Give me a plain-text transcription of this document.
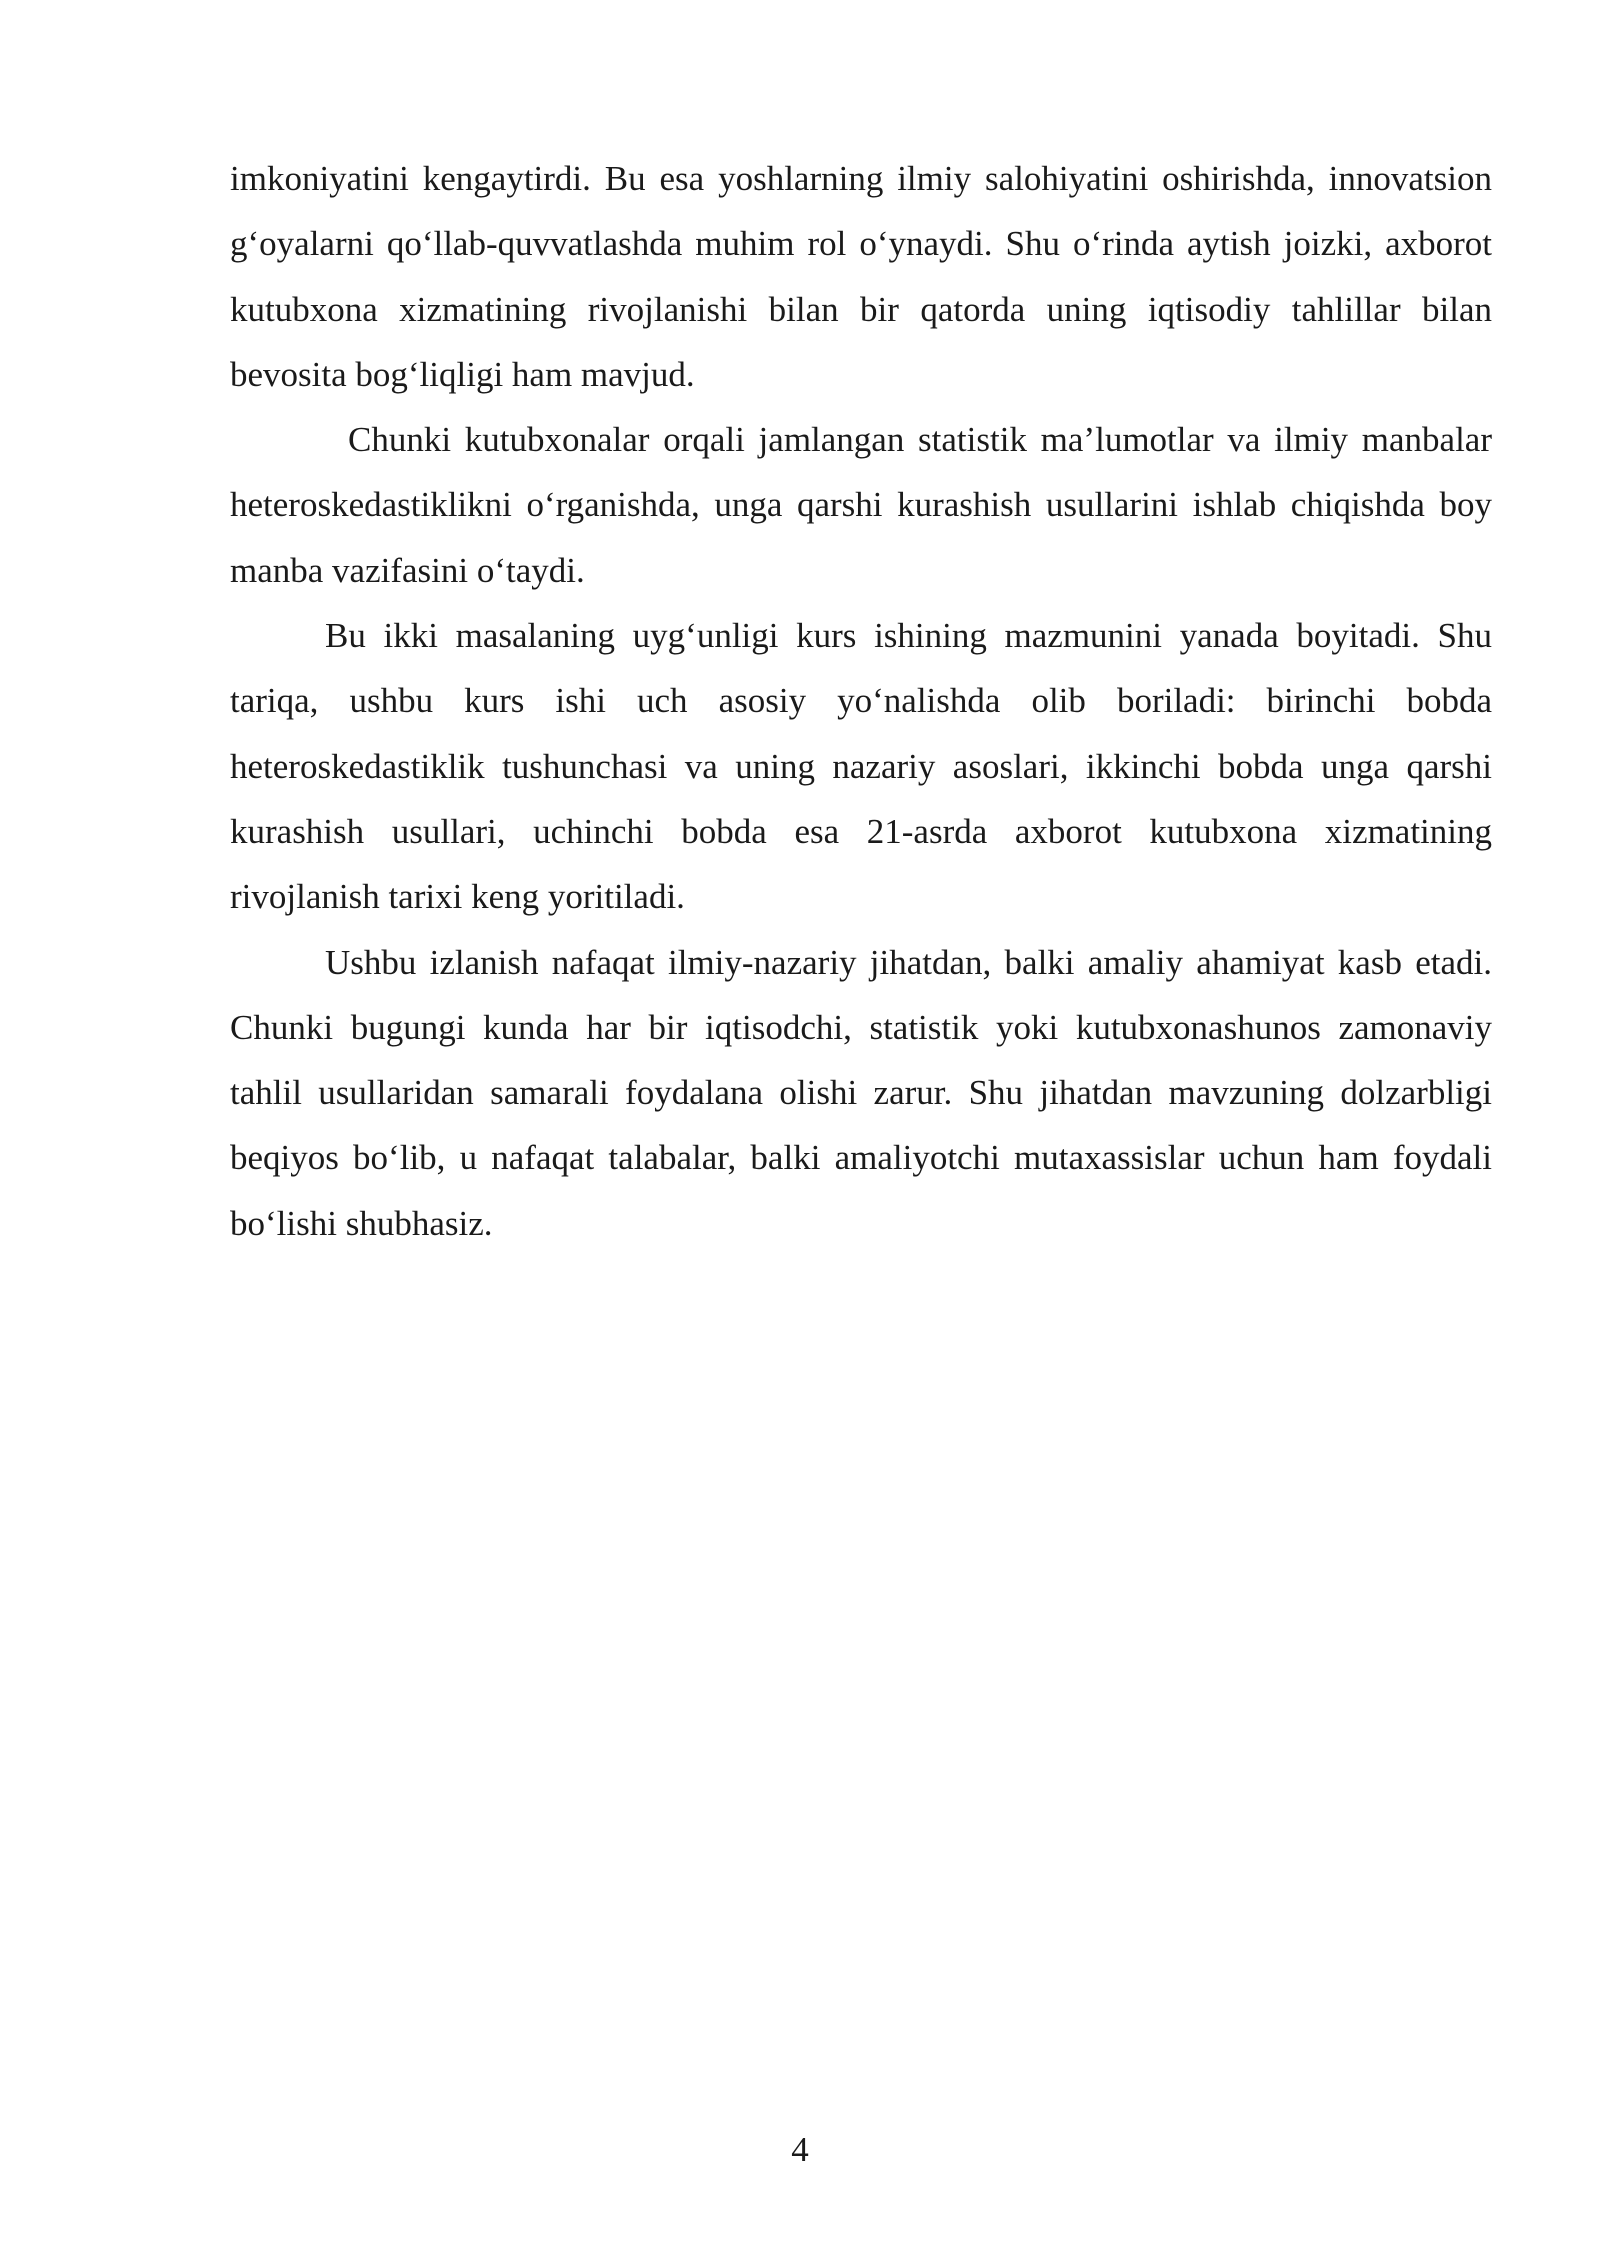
imkoniyatini kengaytirdi. Bu esa yoshlarning ilmiy salohiyatini oshirishda, innovatsion g‘oyalarni qo‘llab-quvvatlashda muhim rol o‘ynaydi. Shu o‘rinda aytish joizki, axborot kutubxona xizmatining rivojlanishi bilan bir qatorda uning iqtisodiy tahlillar bilan bevosita bog‘liqligi ham mavjud.

Chunki kutubxonalar orqali jamlangan statistik ma’lumotlar va ilmiy manbalar heteroskedastiklikni o‘rganishda, unga qarshi kurashish usullarini ishlab chiqishda boy manba vazifasini o‘taydi.

Bu ikki masalaning uyg‘unligi kurs ishining mazmunini yanada boyitadi. Shu tariqa, ushbu kurs ishi uch asosiy yo‘nalishda olib boriladi: birinchi bobda heteroskedastiklik tushunchasi va uning nazariy asoslari, ikkinchi bobda unga qarshi kurashish usullari, uchinchi bobda esa 21-asrda axborot kutubxona xizmatining rivojlanish tarixi keng yoritiladi.

Ushbu izlanish nafaqat ilmiy-nazariy jihatdan, balki amaliy ahamiyat kasb etadi. Chunki bugungi kunda har bir iqtisodchi, statistik yoki kutubxonashunos zamonaviy tahlil usullaridan samarali foydalana olishi zarur. Shu jihatdan mavzuning dolzarbligi beqiyos bo‘lib, u nafaqat talabalar, balki amaliyotchi mutaxassislar uchun ham foydali bo‘lishi shubhasiz.

4
